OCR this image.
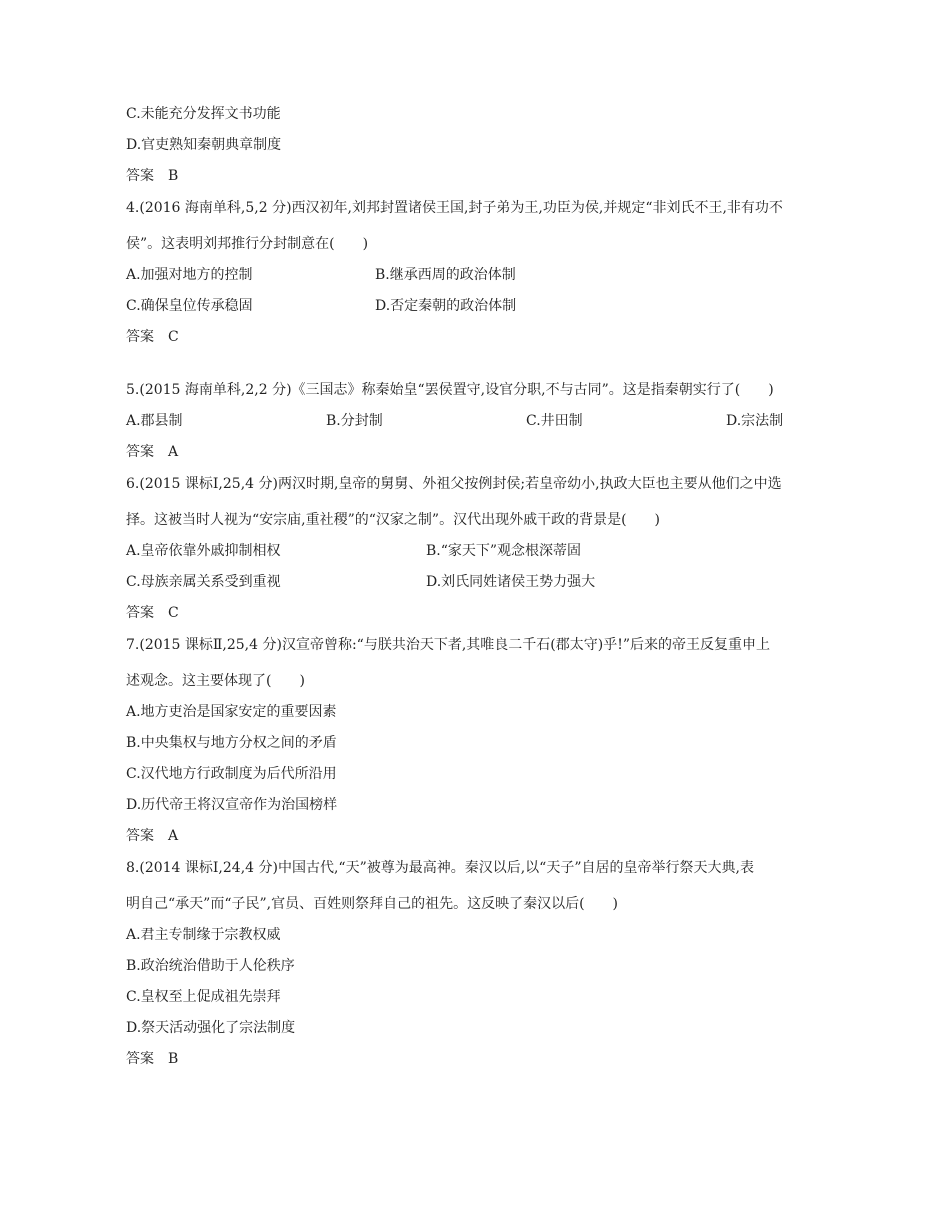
C.未能充分发挥文书功能
D.官吏熟知秦朝典章制度
答案 B
4.(2016 海南单科,5,2 分)西汉初年,刘邦封置诸侯王国,封子弟为王,功臣为侯,并规定“非刘氏不王,非有功不
侯”。这表明刘邦推行分封制意在(　　)
A.加强对地方的控制	B.继承西周的政治体制
C.确保皇位传承稳固	D.否定秦朝的政治体制
答案 C
5.(2015 海南单科,2,2 分)《三国志》称秦始皇“罢侯置守,设官分职,不与古同”。这是指秦朝实行了(　　)
A.郡县制	B.分封制	C.井田制	D.宗法制
答案 A
6.(2015 课标Ⅰ,25,4 分)两汉时期,皇帝的舅舅、外祖父按例封侯;若皇帝幼小,执政大臣也主要从他们之中选
择。这被当时人视为“安宗庙,重社稷”的“汉家之制”。汉代出现外戚干政的背景是(　　)
A.皇帝依靠外戚抑制相权	B.“家天下”观念根深蒂固
C.母族亲属关系受到重视	D.刘氏同姓诸侯王势力强大
答案 C
7.(2015 课标Ⅱ,25,4 分)汉宣帝曾称:“与朕共治天下者,其唯良二千石(郡太守)乎!”后来的帝王反复重申上
述观念。这主要体现了(　　)
A.地方吏治是国家安定的重要因素
B.中央集权与地方分权之间的矛盾
C.汉代地方行政制度为后代所沿用
D.历代帝王将汉宣帝作为治国榜样
答案 A
8.(2014 课标Ⅰ,24,4 分)中国古代,“天”被尊为最高神。秦汉以后,以“天子”自居的皇帝举行祭天大典,表
明自己“承天”而“子民”,官员、百姓则祭拜自己的祖先。这反映了秦汉以后(　　)
A.君主专制缘于宗教权威
B.政治统治借助于人伦秩序
C.皇权至上促成祖先崇拜
D.祭天活动强化了宗法制度
答案 B
